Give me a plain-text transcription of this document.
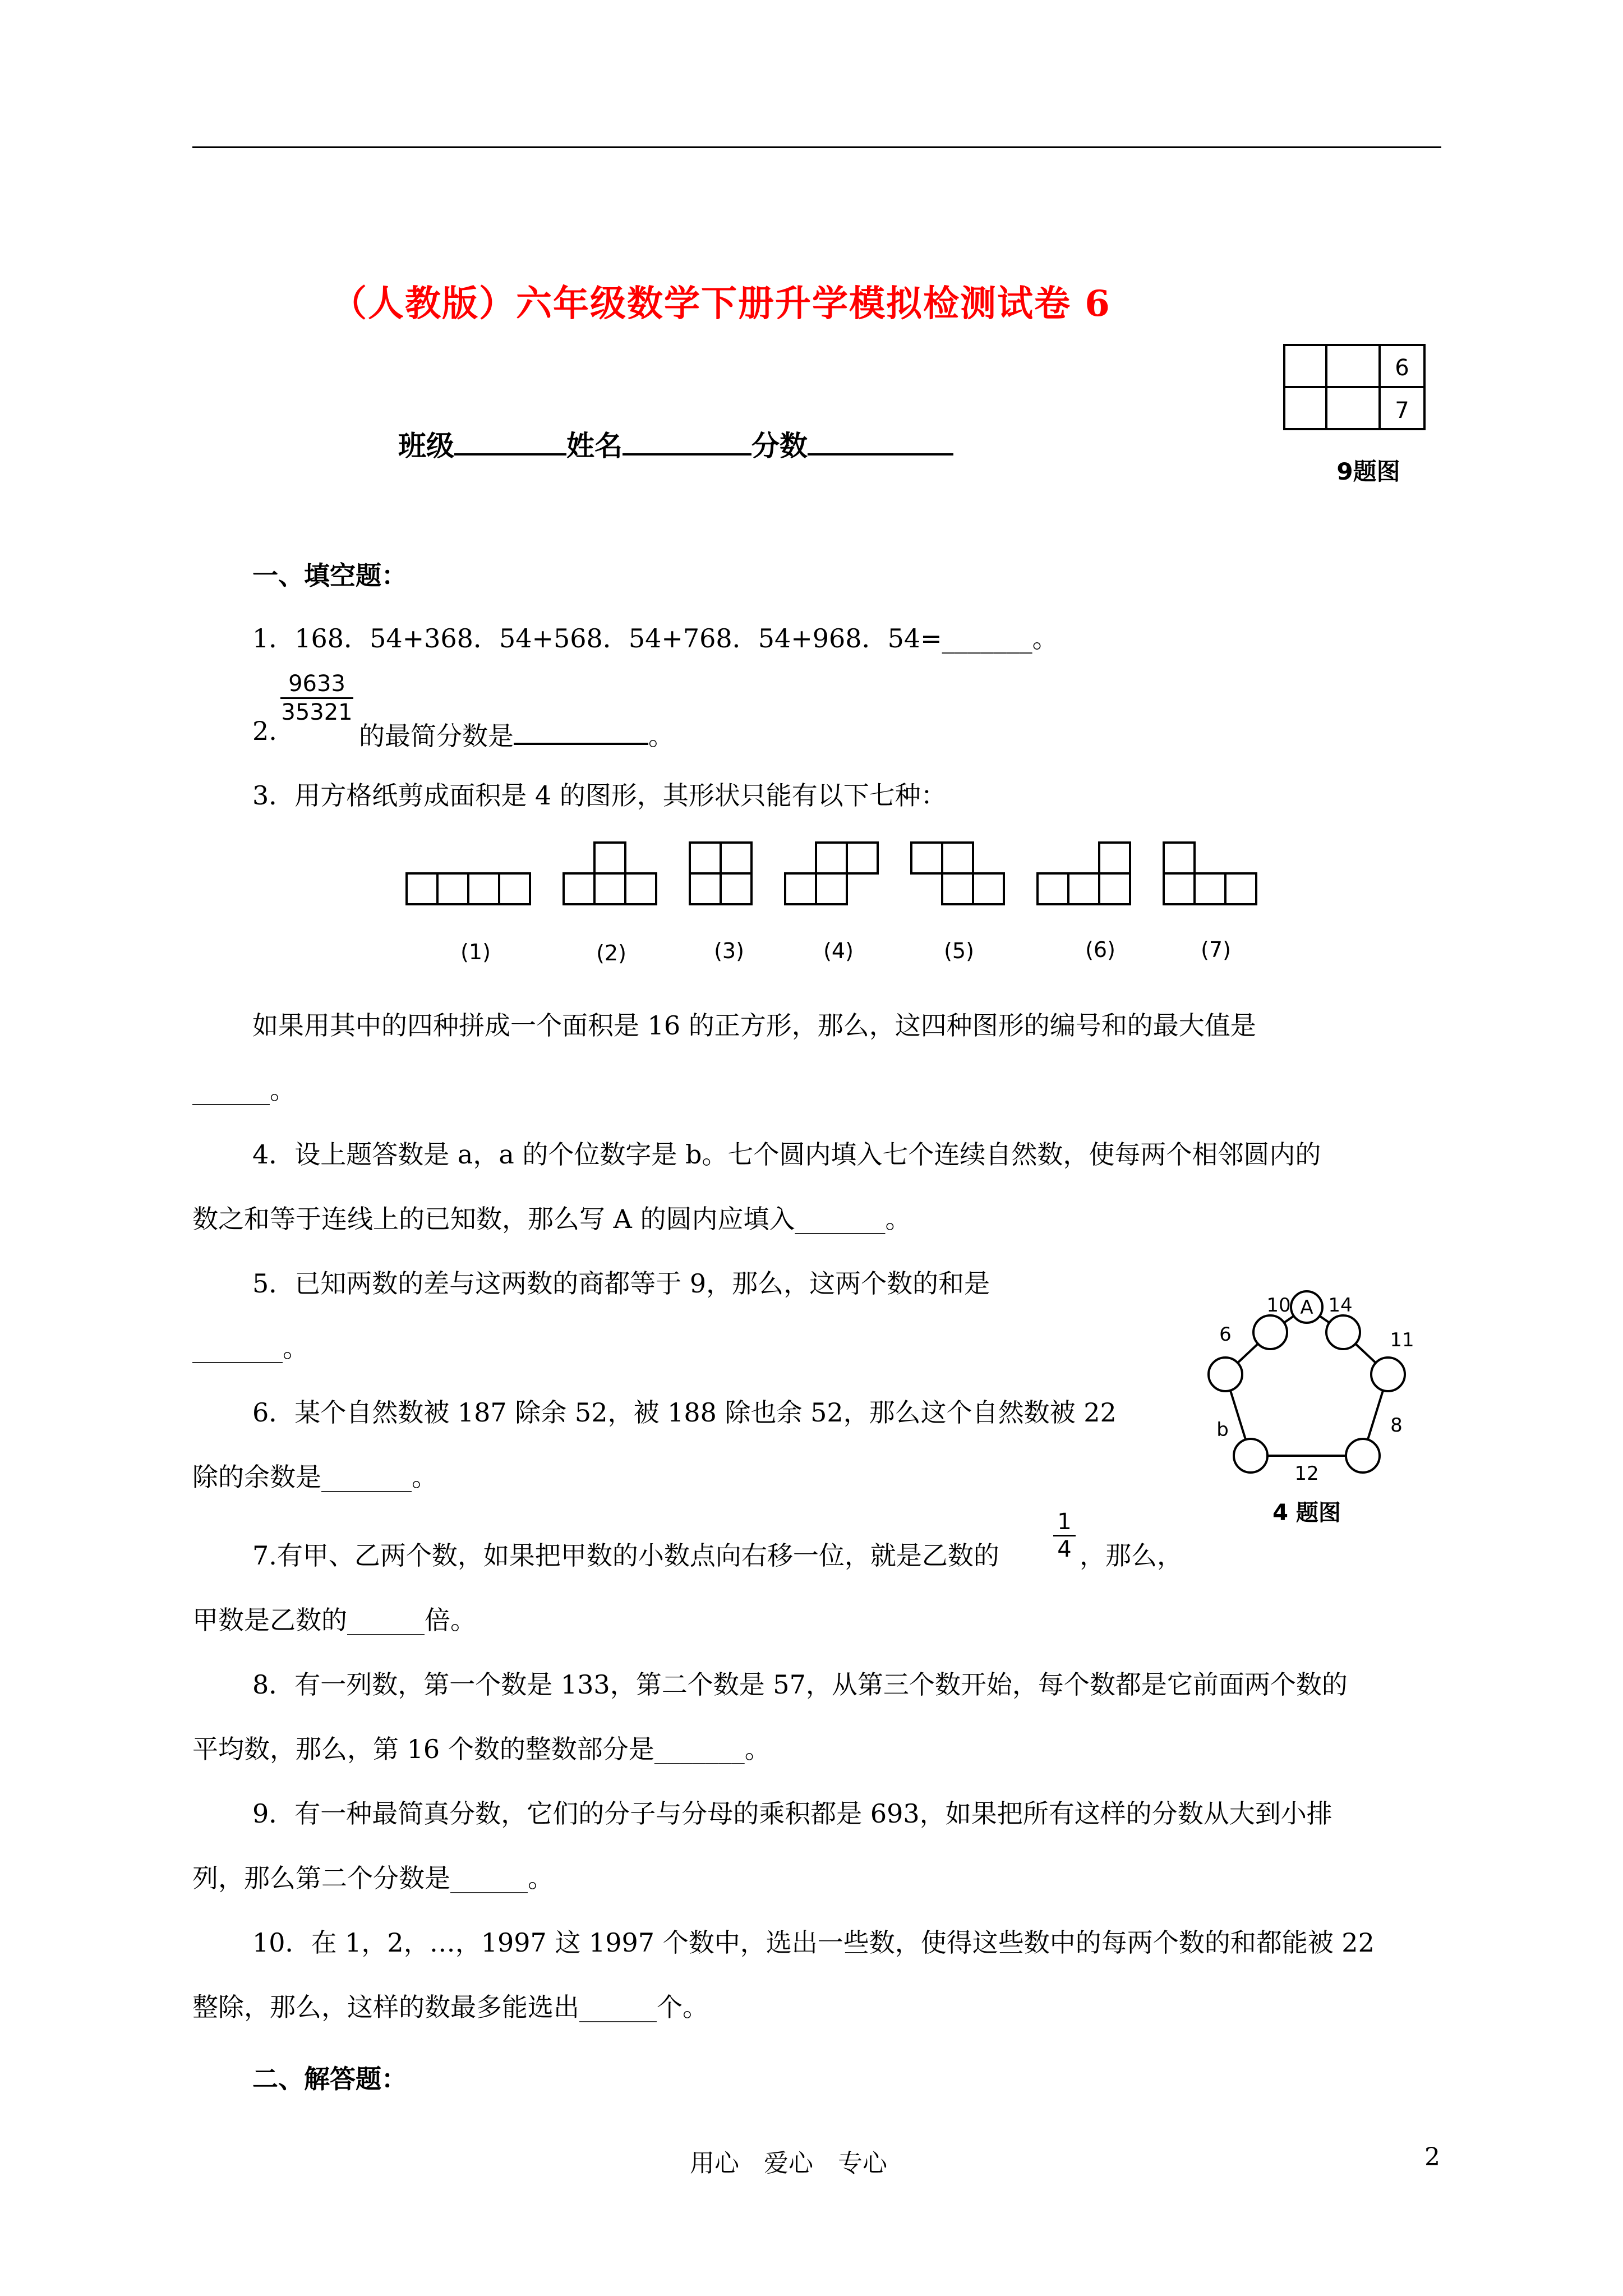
（人教版）六年级数学下册升学模拟检测试卷 6
班级	姓名	分数
6
7
9题图
一、填空题：
1．168．54+368．54+568．54+768．54+968．54=_______。
2.
$\frac{9633}{35321}$
的最简分数是	。
3．用方格纸剪成面积是 4 的图形，其形状只能有以下七种：
(1)	(2)	(3)	(4)	(5)	(6)	(7)
如果用其中的四种拼成一个面积是 16 的正方形，那么，这四种图形的编号和的最大值是
______。
4．设上题答数是 a，a 的个位数字是 b。七个圆内填入七个连续自然数，使每两个相邻圆内的
数之和等于连线上的已知数，那么写 A 的圆内应填入_______。
A
10 14
6	11
b	8
12
4 题图
5．已知两数的差与这两数的商都等于 9，那么，这两个数的和是
_______。
6．某个自然数被 187 除余 52，被 188 除也余 52，那么这个自然数被 22
除的余数是_______。
7.有甲、乙两个数，如果把甲数的小数点向右移一位，就是乙数的 $\frac{1}{4}$ ，那么，
甲数是乙数的______倍。
8．有一列数，第一个数是 133，第二个数是 57，从第三个数开始，每个数都是它前面两个数的
平均数，那么，第 16 个数的整数部分是_______。
9．有一种最简真分数，它们的分子与分母的乘积都是 693，如果把所有这样的分数从大到小排
列，那么第二个分数是______。
10．在 1，2，…，1997 这 1997 个数中，选出一些数，使得这些数中的每两个数的和都能被 22
整除，那么，这样的数最多能选出______个。
二、解答题：
用心　爱心　专心	2
